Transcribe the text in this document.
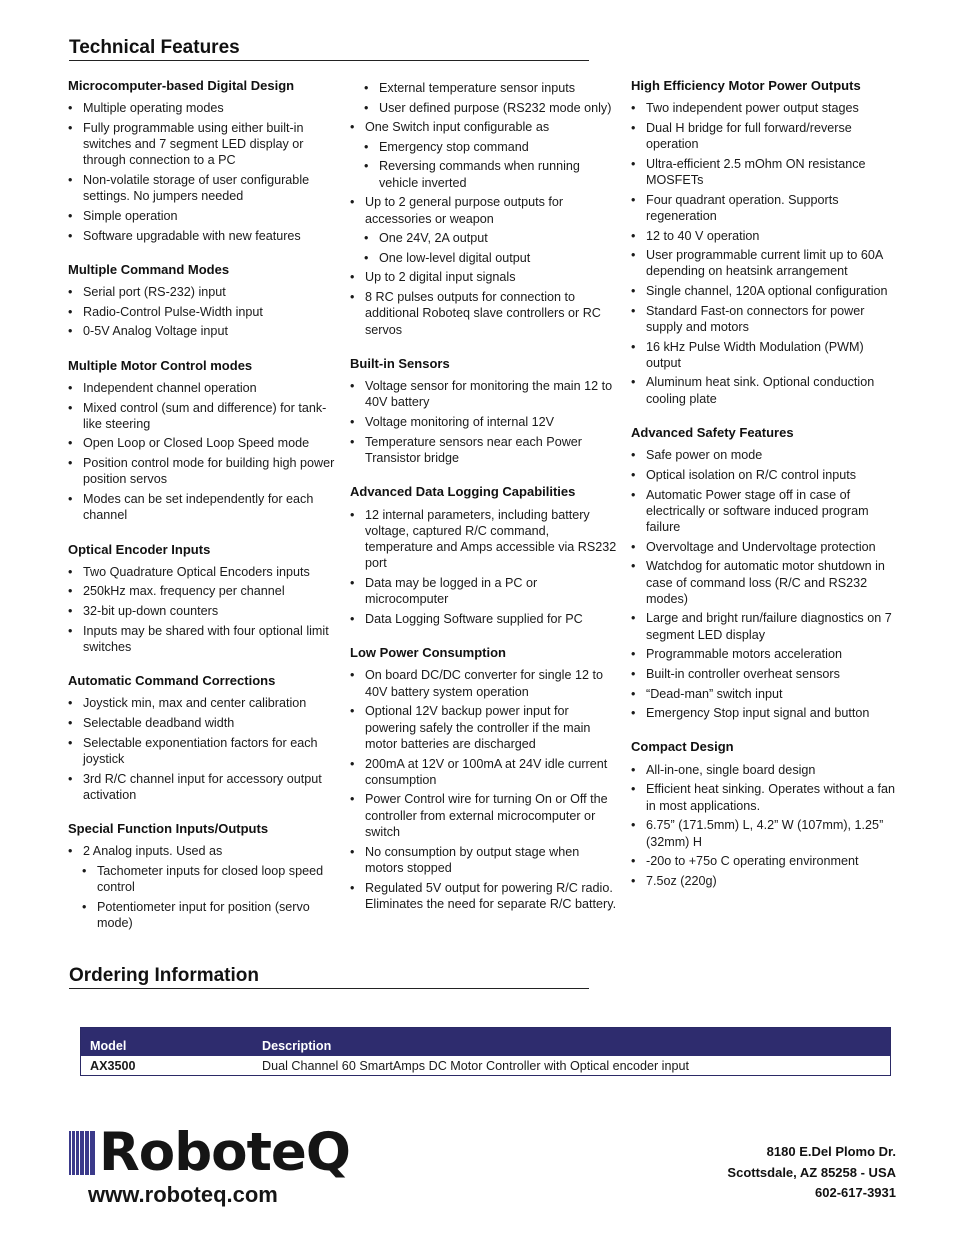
Technical Features
Microcomputer-based Digital Design
• Multiple operating modes
• Fully programmable using either built-in switches and 7 segment LED display or through connection to a PC
• Non-volatile storage of user configurable settings. No jumpers needed
• Simple operation
• Software upgradable with new features
Multiple Command Modes
• Serial port (RS-232) input
• Radio-Control Pulse-Width input
• 0-5V Analog Voltage input
Multiple Motor Control modes
• Independent channel operation
• Mixed control (sum and difference) for tank-like steering
• Open Loop or Closed Loop Speed mode
• Position control mode for building high power position servos
• Modes can be set independently for each channel
Optical Encoder Inputs
• Two Quadrature Optical Encoders inputs
• 250kHz max. frequency per channel
• 32-bit up-down counters
• Inputs may be shared with four optional limit switches
Automatic Command Corrections
• Joystick min, max and center calibration
• Selectable deadband width
• Selectable exponentiation factors for each joystick
• 3rd R/C channel input for accessory output activation
Special Function Inputs/Outputs
• 2 Analog inputs. Used as
• Tachometer inputs for closed loop speed control
• Potentiometer input for position (servo mode)
• External temperature sensor inputs
• User defined purpose (RS232 mode only)
• One Switch input configurable as
• Emergency stop command
• Reversing commands when running vehicle inverted
• Up to 2 general purpose outputs for accessories or weapon
• One 24V, 2A output
• One low-level digital output
• Up to 2 digital input signals
• 8 RC pulses outputs for connection to additional Roboteq slave controllers or RC servos
Built-in Sensors
• Voltage sensor for monitoring the main 12 to 40V battery
• Voltage monitoring of internal 12V
• Temperature sensors near each Power Transistor bridge
Advanced Data Logging Capabilities
• 12 internal parameters, including battery voltage, captured R/C command, temperature and Amps accessible via RS232 port
• Data may be logged in a PC or microcomputer
• Data Logging Software supplied for PC
Low Power Consumption
• On board DC/DC converter for single 12 to 40V battery system operation
• Optional 12V backup power input for powering safely the controller if the main motor batteries are discharged
• 200mA at 12V or 100mA at 24V idle current consumption
• Power Control wire for turning On or Off the controller from external microcomputer or switch
• No consumption by output stage when motors stopped
• Regulated 5V output for powering R/C radio. Eliminates the need for separate R/C battery.
High Efficiency Motor Power Outputs
• Two independent power output stages
• Dual H bridge for full forward/reverse operation
• Ultra-efficient 2.5 mOhm ON resistance MOSFETs
• Four quadrant operation. Supports regeneration
• 12 to 40 V operation
• User programmable current limit up to 60A depending on heatsink arrangement
• Single channel, 120A optional configuration
• Standard Fast-on connectors for power supply and motors
• 16 kHz Pulse Width Modulation (PWM) output
• Aluminum heat sink. Optional conduction cooling plate
Advanced Safety Features
• Safe power on mode
• Optical isolation on R/C control inputs
• Automatic Power stage off in case of electrically or software induced program failure
• Overvoltage and Undervoltage protection
• Watchdog for automatic motor shutdown in case of command loss (R/C and RS232 modes)
• Large and bright run/failure diagnostics on 7 segment LED display
• Programmable motors acceleration
• Built-in controller overheat sensors
• “Dead-man” switch input
• Emergency Stop input signal and button
Compact Design
• All-in-one, single board design
• Efficient heat sinking. Operates without a fan in most applications.
• 6.75” (171.5mm) L, 4.2” W (107mm), 1.25” (32mm) H
• -20o to +75o C operating environment
• 7.5oz (220g)
Ordering Information
Model	Description
AX3500	Dual Channel 60 SmartAmps DC Motor Controller with Optical encoder input
RoboteQ
www.roboteq.com
8180 E.Del Plomo Dr.
Scottsdale, AZ 85258 - USA
602-617-3931
